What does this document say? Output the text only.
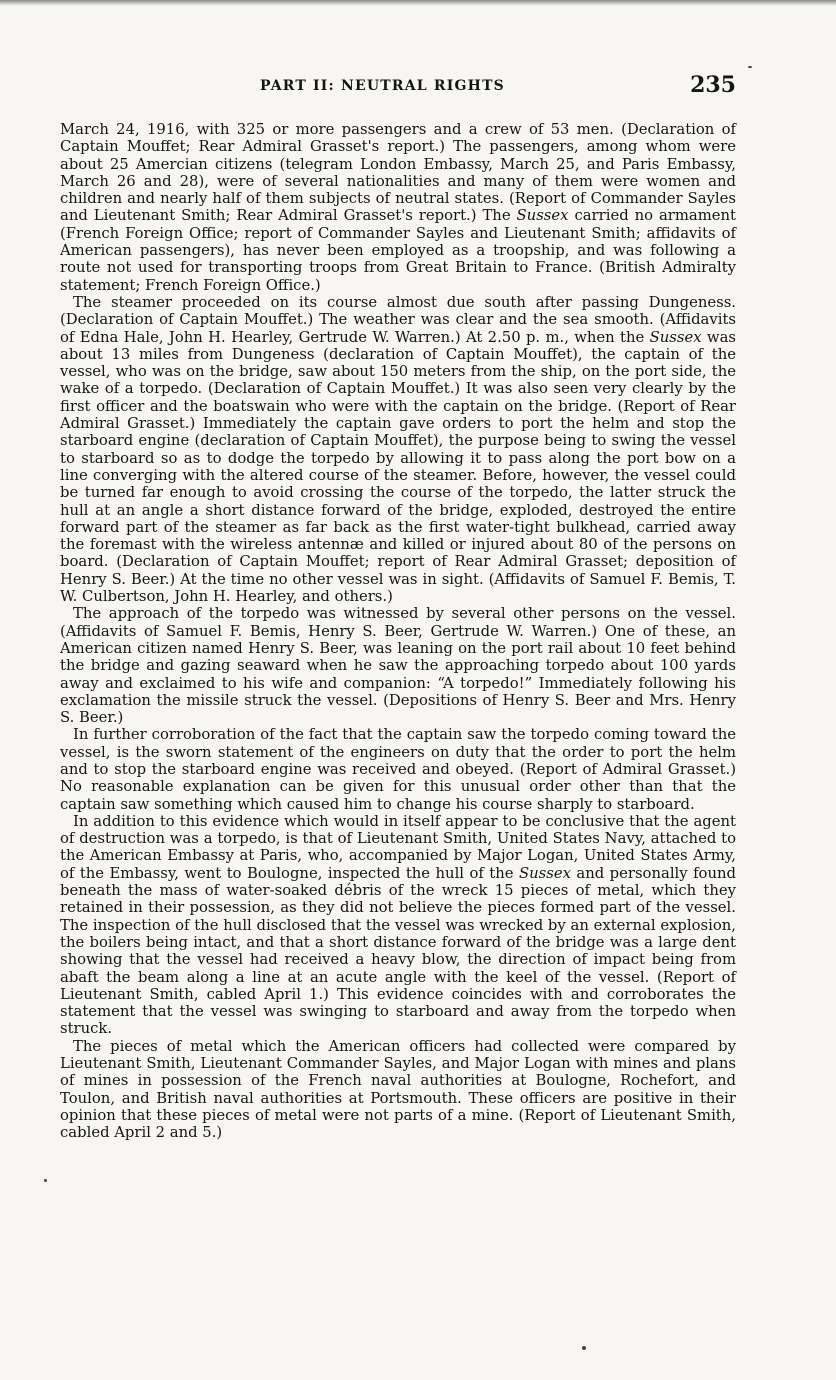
PART II: NEUTRAL RIGHTS	235

March 24, 1916, with 325 or more passengers and a crew of 53 men. (Declaration of Captain Mouffet; Rear Admiral Grasset's report.) The passengers, among whom were about 25 Amercian citizens (telegram London Embassy, March 25, and Paris Embassy, March 26 and 28), were of several nationalities and many of them were women and children and nearly half of them subjects of neutral states. (Report of Commander Sayles and Lieutenant Smith; Rear Admiral Grasset's report.) The Sussex carried no armament (French Foreign Office; report of Commander Sayles and Lieutenant Smith; affidavits of American passengers), has never been employed as a troopship, and was following a route not used for transporting troops from Great Britain to France. (British Admiralty statement; French Foreign Office.)

The steamer proceeded on its course almost due south after passing Dungeness. (Declaration of Captain Mouffet.) The weather was clear and the sea smooth. (Affidavits of Edna Hale, John H. Hearley, Gertrude W. Warren.) At 2.50 p. m., when the Sussex was about 13 miles from Dungeness (declaration of Captain Mouffet), the captain of the vessel, who was on the bridge, saw about 150 meters from the ship, on the port side, the wake of a torpedo. (Declaration of Captain Mouffet.) It was also seen very clearly by the first officer and the boatswain who were with the captain on the bridge. (Report of Rear Admiral Grasset.) Immediately the captain gave orders to port the helm and stop the starboard engine (declaration of Captain Mouffet), the purpose being to swing the vessel to starboard so as to dodge the torpedo by allowing it to pass along the port bow on a line converging with the altered course of the steamer. Before, however, the vessel could be turned far enough to avoid crossing the course of the torpedo, the latter struck the hull at an angle a short distance forward of the bridge, exploded, destroyed the entire forward part of the steamer as far back as the first water-tight bulkhead, carried away the foremast with the wireless antennæ and killed or injured about 80 of the persons on board. (Declaration of Captain Mouffet; report of Rear Admiral Grasset; deposition of Henry S. Beer.) At the time no other vessel was in sight. (Affidavits of Samuel F. Bemis, T. W. Culbertson, John H. Hearley, and others.)

The approach of the torpedo was witnessed by several other persons on the vessel. (Affidavits of Samuel F. Bemis, Henry S. Beer, Gertrude W. Warren.) One of these, an American citizen named Henry S. Beer, was leaning on the port rail about 10 feet behind the bridge and gazing seaward when he saw the approaching torpedo about 100 yards away and exclaimed to his wife and companion: “A torpedo!” Immediately following his exclamation the missile struck the vessel. (Depositions of Henry S. Beer and Mrs. Henry S. Beer.)

In further corroboration of the fact that the captain saw the torpedo coming toward the vessel, is the sworn statement of the engineers on duty that the order to port the helm and to stop the starboard engine was received and obeyed. (Report of Admiral Grasset.) No reasonable explanation can be given for this unusual order other than that the captain saw something which caused him to change his course sharply to starboard.

In addition to this evidence which would in itself appear to be conclusive that the agent of destruction was a torpedo, is that of Lieutenant Smith, United States Navy, attached to the American Embassy at Paris, who, accompanied by Major Logan, United States Army, of the Embassy, went to Boulogne, inspected the hull of the Sussex and personally found beneath the mass of water-soaked débris of the wreck 15 pieces of metal, which they retained in their possession, as they did not believe the pieces formed part of the vessel. The inspection of the hull disclosed that the vessel was wrecked by an external explosion, the boilers being intact, and that a short distance forward of the bridge was a large dent showing that the vessel had received a heavy blow, the direction of impact being from abaft the beam along a line at an acute angle with the keel of the vessel. (Report of Lieutenant Smith, cabled April 1.) This evidence coincides with and corroborates the statement that the vessel was swinging to starboard and away from the torpedo when struck.

The pieces of metal which the American officers had collected were compared by Lieutenant Smith, Lieutenant Commander Sayles, and Major Logan with mines and plans of mines in possession of the French naval authorities at Boulogne, Rochefort, and Toulon, and British naval authorities at Portsmouth. These officers are positive in their opinion that these pieces of metal were not parts of a mine. (Report of Lieutenant Smith, cabled April 2 and 5.)
